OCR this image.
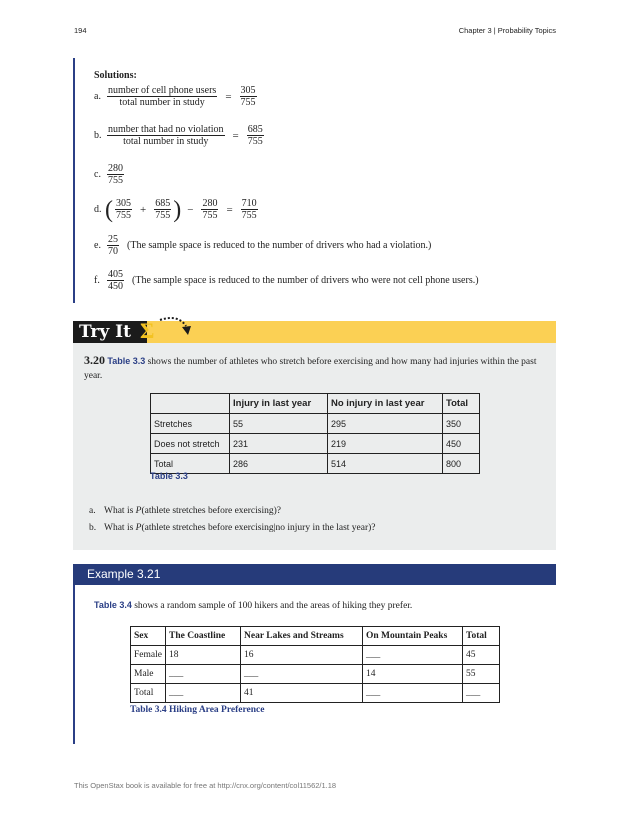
194	Chapter 3 | Probability Topics
Solutions:
a. $\frac{\text{number of cell phone users}}{\text{total number in study}} = \frac{305}{755}$
b. $\frac{\text{number that had no violation}}{\text{total number in study}} = \frac{685}{755}$
c. $\frac{280}{755}$
d. ( $\frac{305}{755} + \frac{685}{755}$ ) − $\frac{280}{755} = \frac{710}{755}$
e. $\frac{25}{70} (The$ sample space is reduced to the number of drivers who had a violation.)
f. $\frac{405}{450} (The$ sample space is reduced to the number of drivers who were not cell phone users.)
Try It Σ
3.20 Table 3.3 shows the number of athletes who stretch before exercising and how many had injuries within the past year.
	Injury in last year	No injury in last year	Total
Stretches	55	295	350
Does not stretch	231	219	450
Total	286	514	800
Table 3.3
a. What is P(athlete stretches before exercising)?
b. What is P(athlete stretches before exercising|no injury in the last year)?
Example 3.21
Table 3.4 shows a random sample of 100 hikers and the areas of hiking they prefer.
Sex	The Coastline	Near Lakes and Streams	On Mountain Peaks	Total
Female	18	16	___	45
Male	___	___	14	55
Total	___	41	___	___
Table 3.4 Hiking Area Preference
This OpenStax book is available for free at http://cnx.org/content/col11562/1.18
